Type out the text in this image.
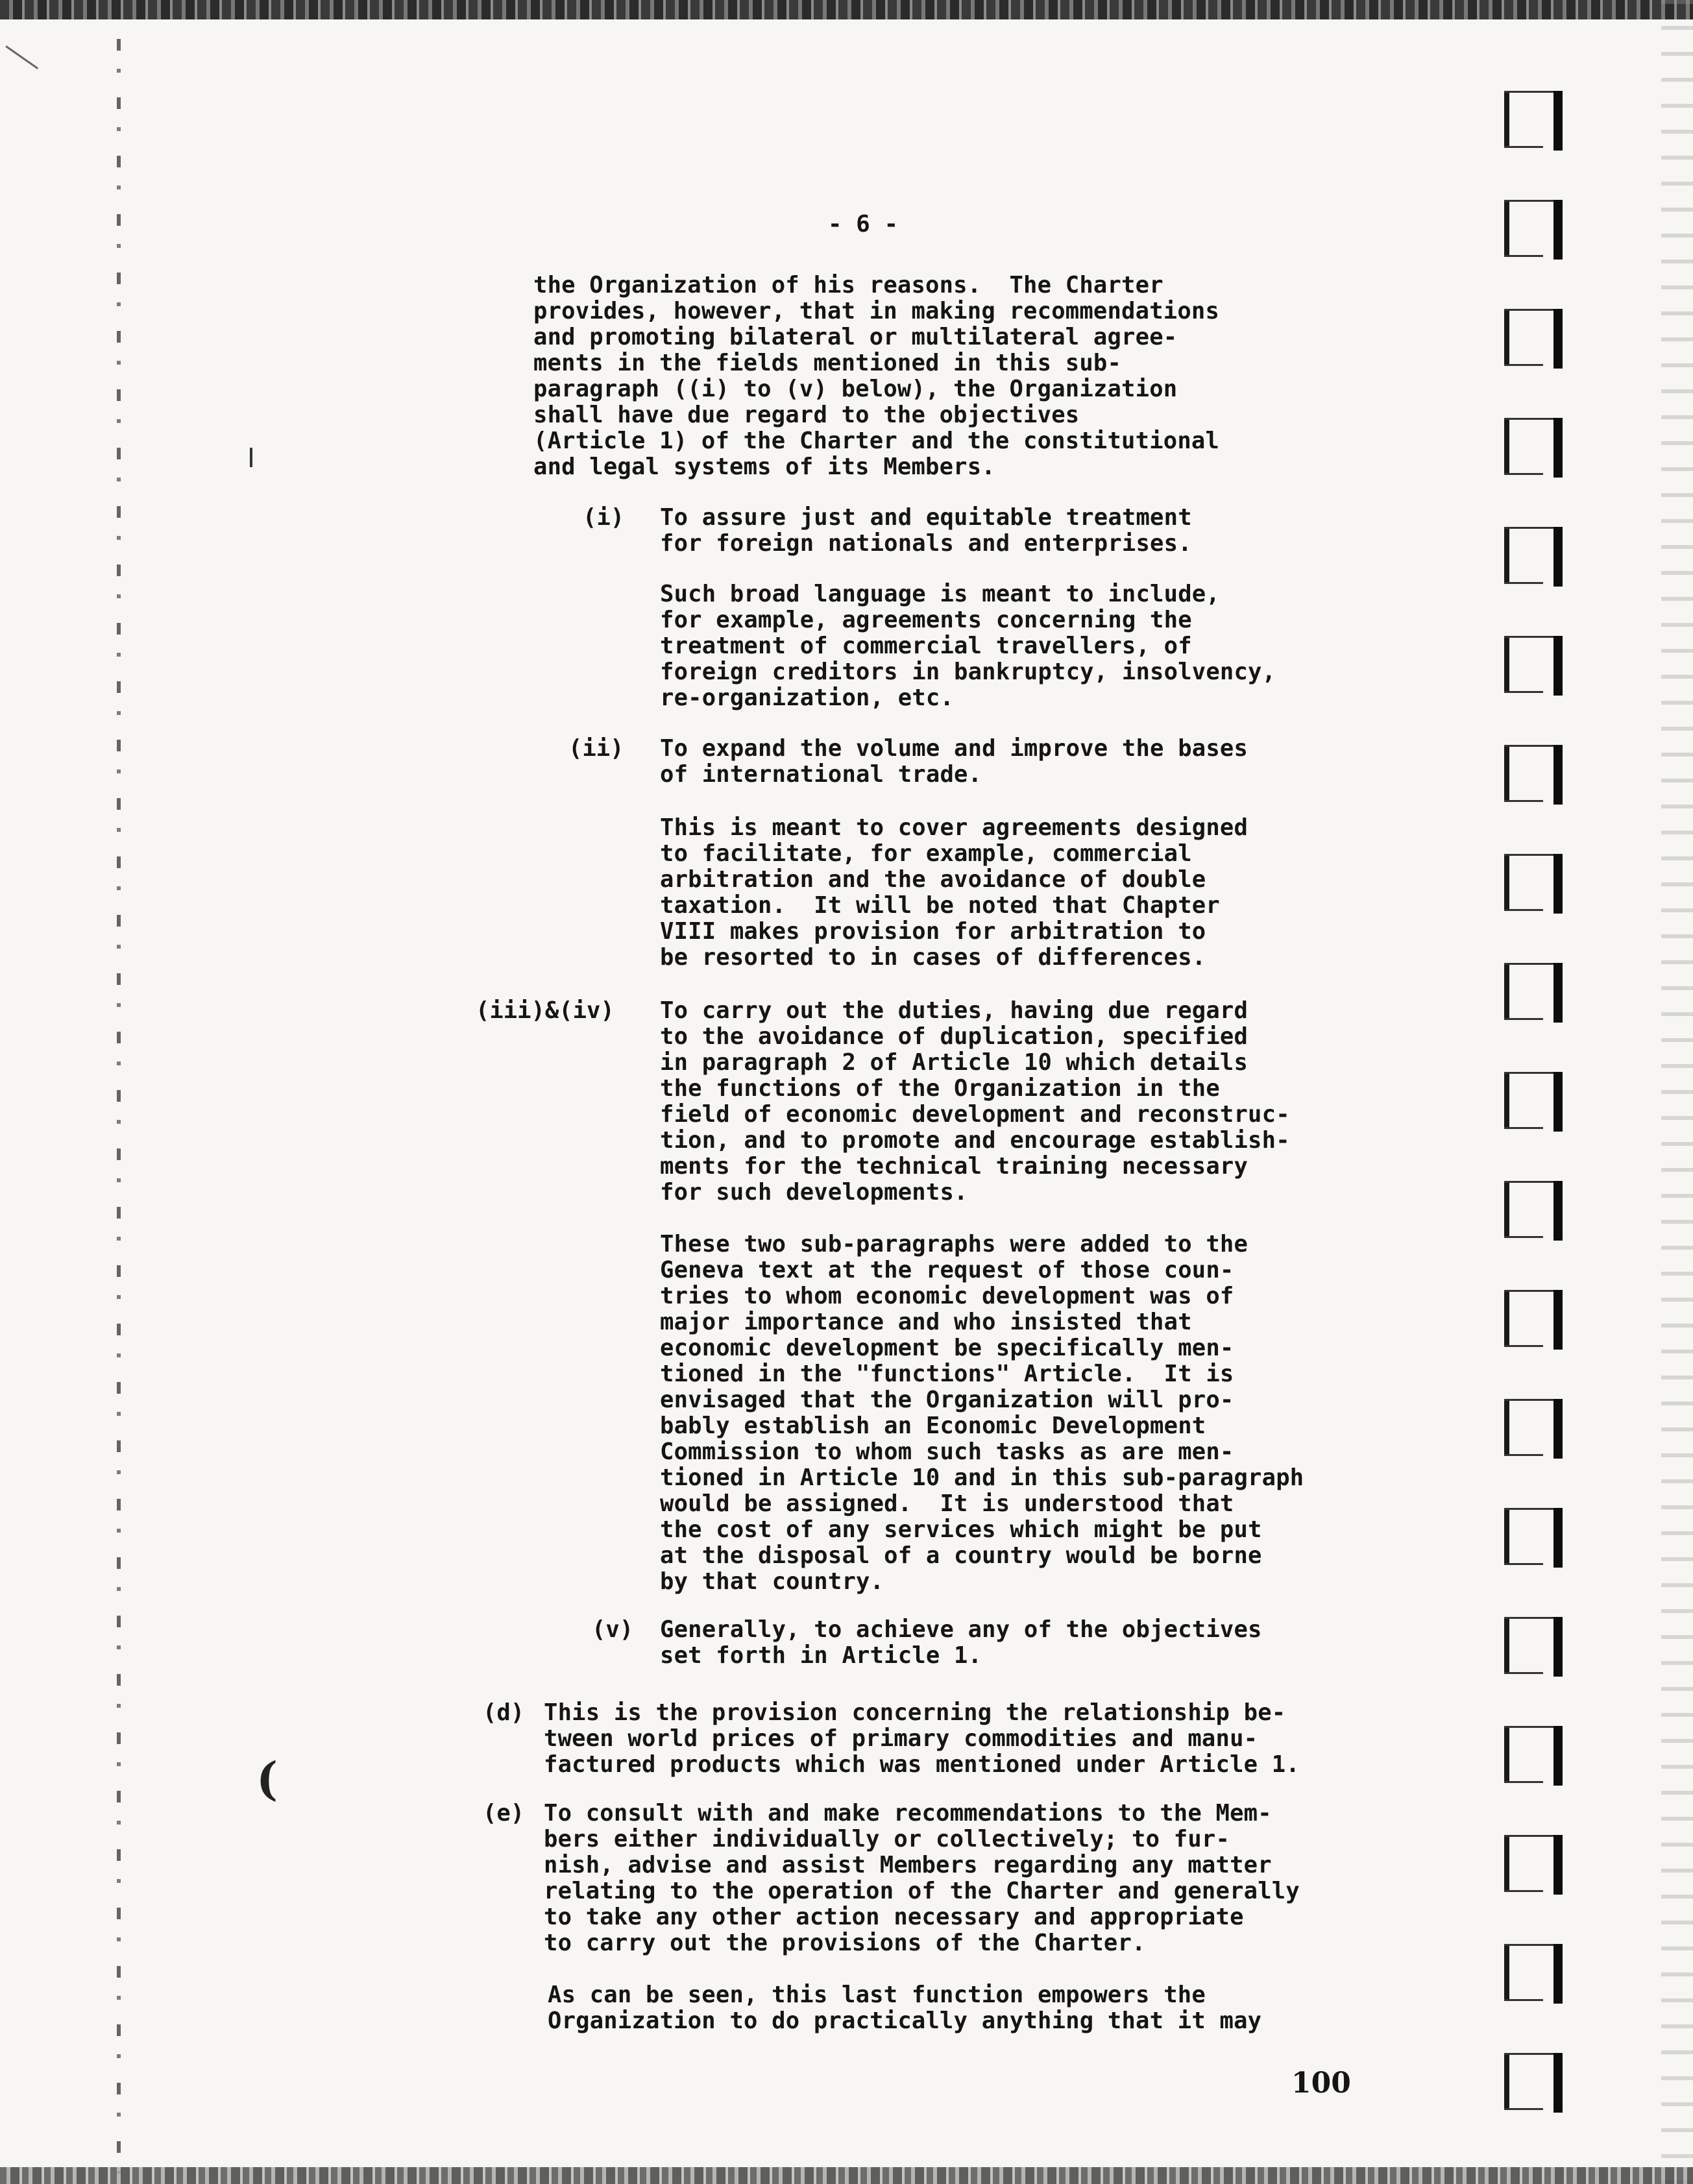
(
- 6 -
the Organization of his reasons.  The Charter
provides, however, that in making recommendations
and promoting bilateral or multilateral agree-
ments in the fields mentioned in this sub-
paragraph ((i) to (v) below), the Organization
shall have due regard to the objectives
(Article 1) of the Charter and the constitutional
and legal systems of its Members.
(i) To assure just and equitable treatment
for foreign nationals and enterprises.
Such broad language is meant to include,
for example, agreements concerning the
treatment of commercial travellers, of
foreign creditors in bankruptcy, insolvency,
re-organization, etc.
(ii) To expand the volume and improve the bases
of international trade.
This is meant to cover agreements designed
to facilitate, for example, commercial
arbitration and the avoidance of double
taxation.  It will be noted that Chapter
VIII makes provision for arbitration to
be resorted to in cases of differences.
(iii)&(iv) To carry out the duties, having due regard
to the avoidance of duplication, specified
in paragraph 2 of Article 10 which details
the functions of the Organization in the
field of economic development and reconstruc-
tion, and to promote and encourage establish-
ments for the technical training necessary
for such developments.
These two sub-paragraphs were added to the
Geneva text at the request of those coun-
tries to whom economic development was of
major importance and who insisted that
economic development be specifically men-
tioned in the "functions" Article.  It is
envisaged that the Organization will pro-
bably establish an Economic Development
Commission to whom such tasks as are men-
tioned in Article 10 and in this sub-paragraph
would be assigned.  It is understood that
the cost of any services which might be put
at the disposal of a country would be borne
by that country.
(v) Generally, to achieve any of the objectives
set forth in Article 1.
(d) This is the provision concerning the relationship be-
tween world prices of primary commodities and manu-
factured products which was mentioned under Article 1.
(e) To consult with and make recommendations to the Mem-
bers either individually or collectively; to fur-
nish, advise and assist Members regarding any matter
relating to the operation of the Charter and generally
to take any other action necessary and appropriate
to carry out the provisions of the Charter.
As can be seen, this last function empowers the
Organization to do practically anything that it may
100
